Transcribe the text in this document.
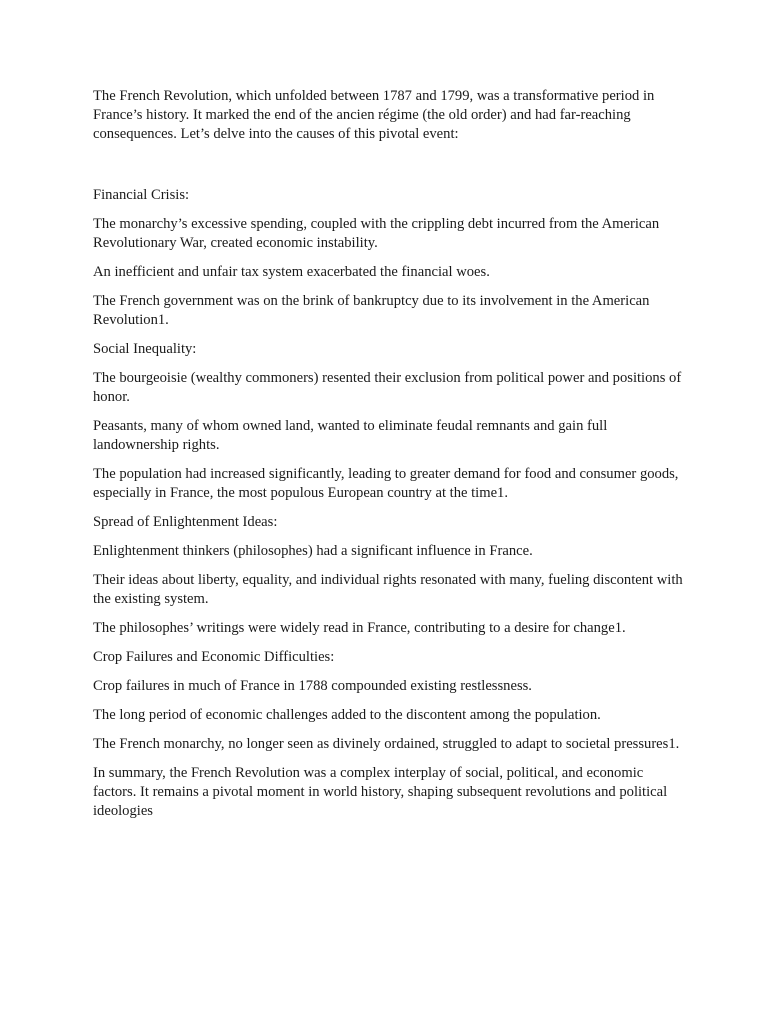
The French Revolution, which unfolded between 1787 and 1799, was a transformative period in France’s history. It marked the end of the ancien régime (the old order) and had far-reaching consequences. Let’s delve into the causes of this pivotal event:

Financial Crisis:

The monarchy’s excessive spending, coupled with the crippling debt incurred from the American Revolutionary War, created economic instability.

An inefficient and unfair tax system exacerbated the financial woes.

The French government was on the brink of bankruptcy due to its involvement in the American Revolution1.

Social Inequality:

The bourgeoisie (wealthy commoners) resented their exclusion from political power and positions of honor.

Peasants, many of whom owned land, wanted to eliminate feudal remnants and gain full landownership rights.

The population had increased significantly, leading to greater demand for food and consumer goods, especially in France, the most populous European country at the time1.

Spread of Enlightenment Ideas:

Enlightenment thinkers (philosophes) had a significant influence in France.

Their ideas about liberty, equality, and individual rights resonated with many, fueling discontent with the existing system.

The philosophes’ writings were widely read in France, contributing to a desire for change1.

Crop Failures and Economic Difficulties:

Crop failures in much of France in 1788 compounded existing restlessness.

The long period of economic challenges added to the discontent among the population.

The French monarchy, no longer seen as divinely ordained, struggled to adapt to societal pressures1.

In summary, the French Revolution was a complex interplay of social, political, and economic factors. It remains a pivotal moment in world history, shaping subsequent revolutions and political ideologies
